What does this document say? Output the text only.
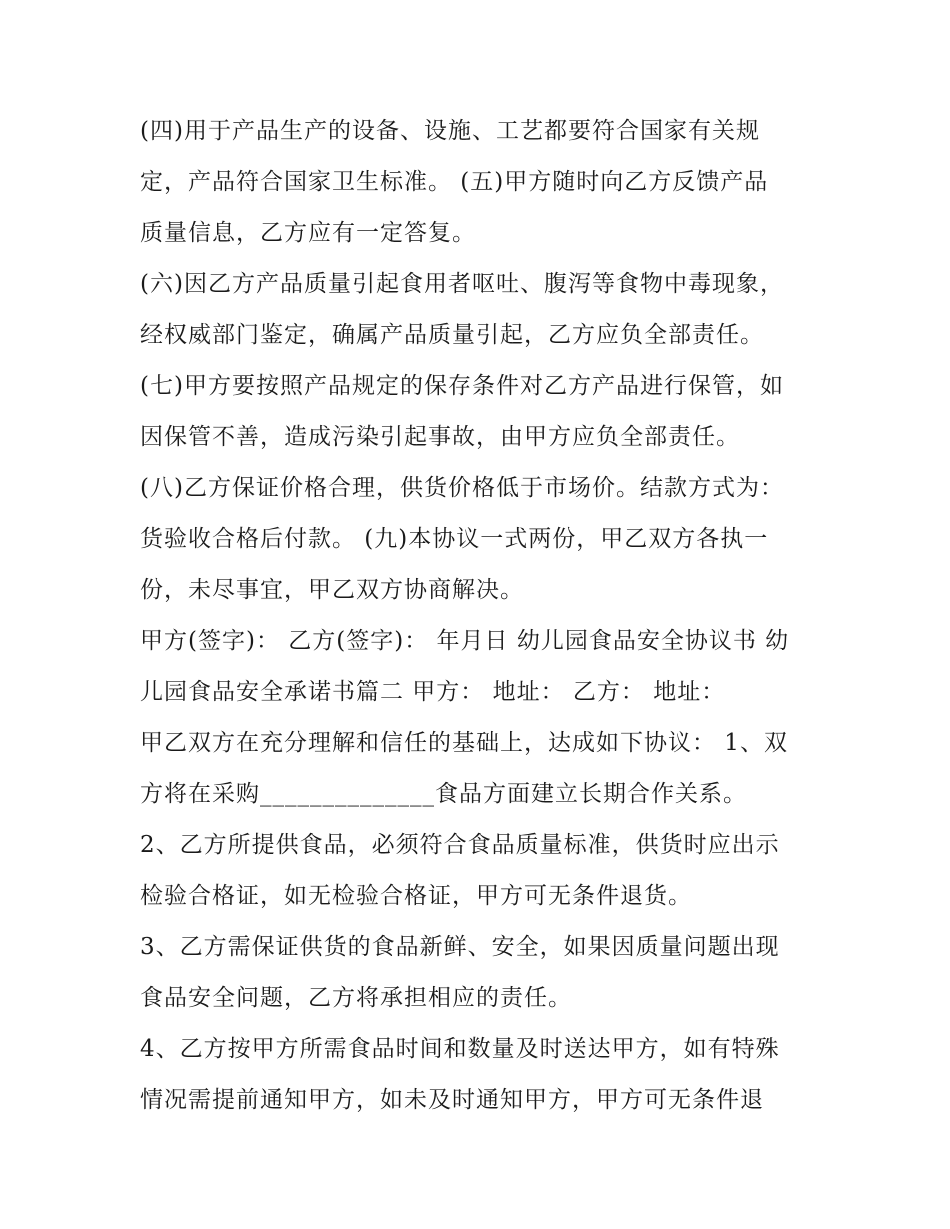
(四)用于产品生产的设备、设施、工艺都要符合国家有关规
定，产品符合国家卫生标准。 (五)甲方随时向乙方反馈产品
质量信息，乙方应有一定答复。
(六)因乙方产品质量引起食用者呕吐、腹泻等食物中毒现象，
经权威部门鉴定，确属产品质量引起，乙方应负全部责任。
(七)甲方要按照产品规定的保存条件对乙方产品进行保管，如
因保管不善，造成污染引起事故，由甲方应负全部责任。
(八)乙方保证价格合理，供货价格低于市场价。结款方式为：
货验收合格后付款。 (九)本协议一式两份，甲乙双方各执一
份，未尽事宜，甲乙双方协商解决。
甲方(签字)： 乙方(签字)： 年月日 幼儿园食品安全协议书 幼
儿园食品安全承诺书篇二 甲方： 地址： 乙方： 地址：
甲乙双方在充分理解和信任的基础上，达成如下协议： 1、双
方将在采购______________食品方面建立长期合作关系。
2、乙方所提供食品，必须符合食品质量标准，供货时应出示
检验合格证，如无检验合格证，甲方可无条件退货。
3、乙方需保证供货的食品新鲜、安全，如果因质量问题出现
食品安全问题，乙方将承担相应的责任。
4、乙方按甲方所需食品时间和数量及时送达甲方，如有特殊
情况需提前通知甲方，如未及时通知甲方，甲方可无条件退
